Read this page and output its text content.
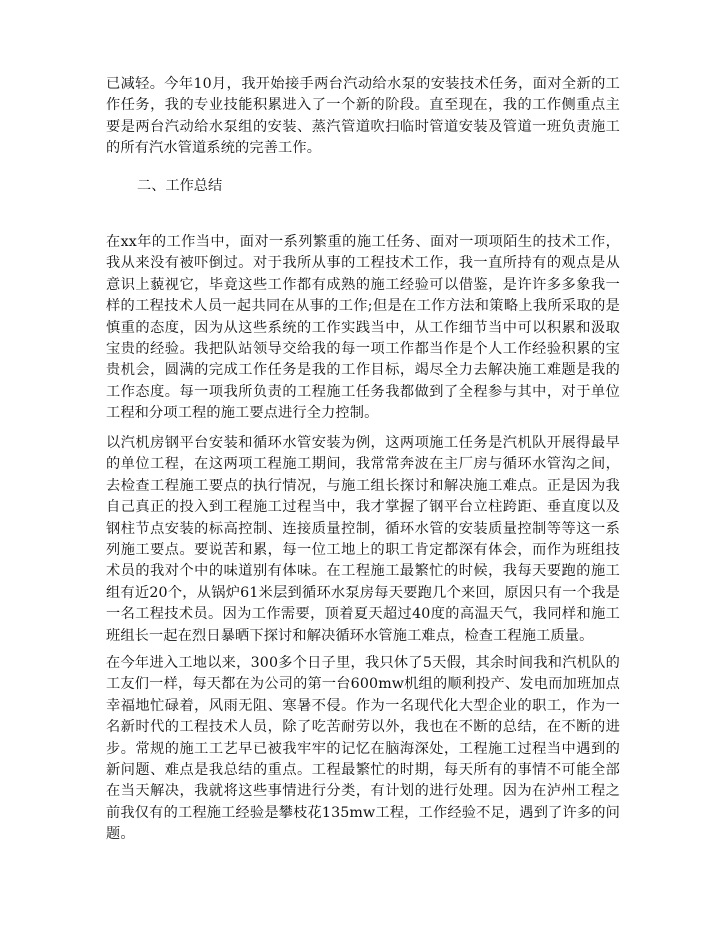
已减轻。今年10月，我开始接手两台汽动给水泵的安装技术任务，面对全新的工作任务，我的专业技能积累进入了一个新的阶段。直至现在，我的工作侧重点主要是两台汽动给水泵组的安装、蒸汽管道吹扫临时管道安装及管道一班负责施工的所有汽水管道系统的完善工作。

二、工作总结

在xx年的工作当中，面对一系列繁重的施工任务、面对一项项陌生的技术工作，我从来没有被吓倒过。对于我所从事的工程技术工作，我一直所持有的观点是从意识上藐视它，毕竟这些工作都有成熟的施工经验可以借鉴，是许许多多象我一样的工程技术人员一起共同在从事的工作;但是在工作方法和策略上我所采取的是慎重的态度，因为从这些系统的工作实践当中，从工作细节当中可以积累和汲取宝贵的经验。我把队站领导交给我的每一项工作都当作是个人工作经验积累的宝贵机会，圆满的完成工作任务是我的工作目标，竭尽全力去解决施工难题是我的工作态度。每一项我所负责的工程施工任务我都做到了全程参与其中，对于单位工程和分项工程的施工要点进行全力控制。

以汽机房钢平台安装和循环水管安装为例，这两项施工任务是汽机队开展得最早的单位工程，在这两项工程施工期间，我常常奔波在主厂房与循环水管沟之间，去检查工程施工要点的执行情况，与施工组长探讨和解决施工难点。正是因为我自己真正的投入到工程施工过程当中，我才掌握了钢平台立柱跨距、垂直度以及钢柱节点安装的标高控制、连接质量控制，循环水管的安装质量控制等等这一系列施工要点。要说苦和累，每一位工地上的职工肯定都深有体会，而作为班组技术员的我对个中的味道别有体味。在工程施工最繁忙的时候，我每天要跑的施工组有近20个，从锅炉61米层到循环水泵房每天要跑几个来回，原因只有一个我是一名工程技术员。因为工作需要，顶着夏天超过40度的高温天气，我同样和施工班组长一起在烈日暴晒下探讨和解决循环水管施工难点，检查工程施工质量。

在今年进入工地以来，300多个日子里，我只休了5天假，其余时间我和汽机队的工友们一样，每天都在为公司的第一台600mw机组的顺利投产、发电而加班加点幸福地忙碌着，风雨无阻、寒暑不侵。作为一名现代化大型企业的职工，作为一名新时代的工程技术人员，除了吃苦耐劳以外，我也在不断的总结，在不断的进步。常规的施工工艺早已被我牢牢的记忆在脑海深处，工程施工过程当中遇到的新问题、难点是我总结的重点。工程最繁忙的时期，每天所有的事情不可能全部在当天解决，我就将这些事情进行分类，有计划的进行处理。因为在泸州工程之前我仅有的工程施工经验是攀枝花135mw工程，工作经验不足，遇到了许多的问题。
